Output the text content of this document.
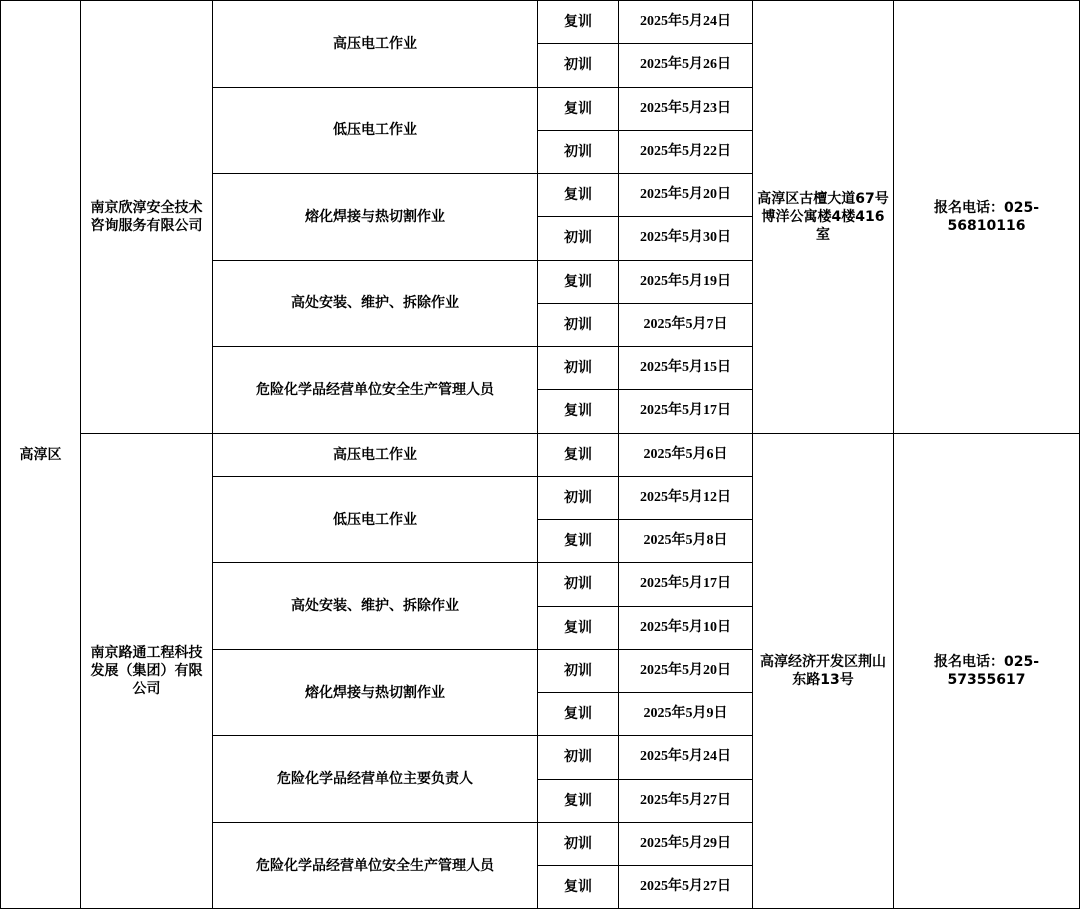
高淳区	南京欣淳安全技术咨询服务有限公司	高压电工作业	复训	2025年5月24日	高淳区古檀大道67号博洋公寓楼4楼416室	报名电话：025-56810116
			初训	2025年5月26日		
		低压电工作业	复训	2025年5月23日		
			初训	2025年5月22日		
		熔化焊接与热切割作业	复训	2025年5月20日		
			初训	2025年5月30日		
		高处安装、维护、拆除作业	复训	2025年5月19日		
			初训	2025年5月7日		
		危险化学品经营单位安全生产管理人员	初训	2025年5月15日		
			复训	2025年5月17日		
	南京路通工程科技发展（集团）有限公司	高压电工作业	复训	2025年5月6日	高淳经济开发区荆山东路13号	报名电话：025-57355617
		低压电工作业	初训	2025年5月12日		
			复训	2025年5月8日		
		高处安装、维护、拆除作业	初训	2025年5月17日		
			复训	2025年5月10日		
		熔化焊接与热切割作业	初训	2025年5月20日		
			复训	2025年5月9日		
		危险化学品经营单位主要负责人	初训	2025年5月24日		
			复训	2025年5月27日		
		危险化学品经营单位安全生产管理人员	初训	2025年5月29日		
			复训	2025年5月27日		
